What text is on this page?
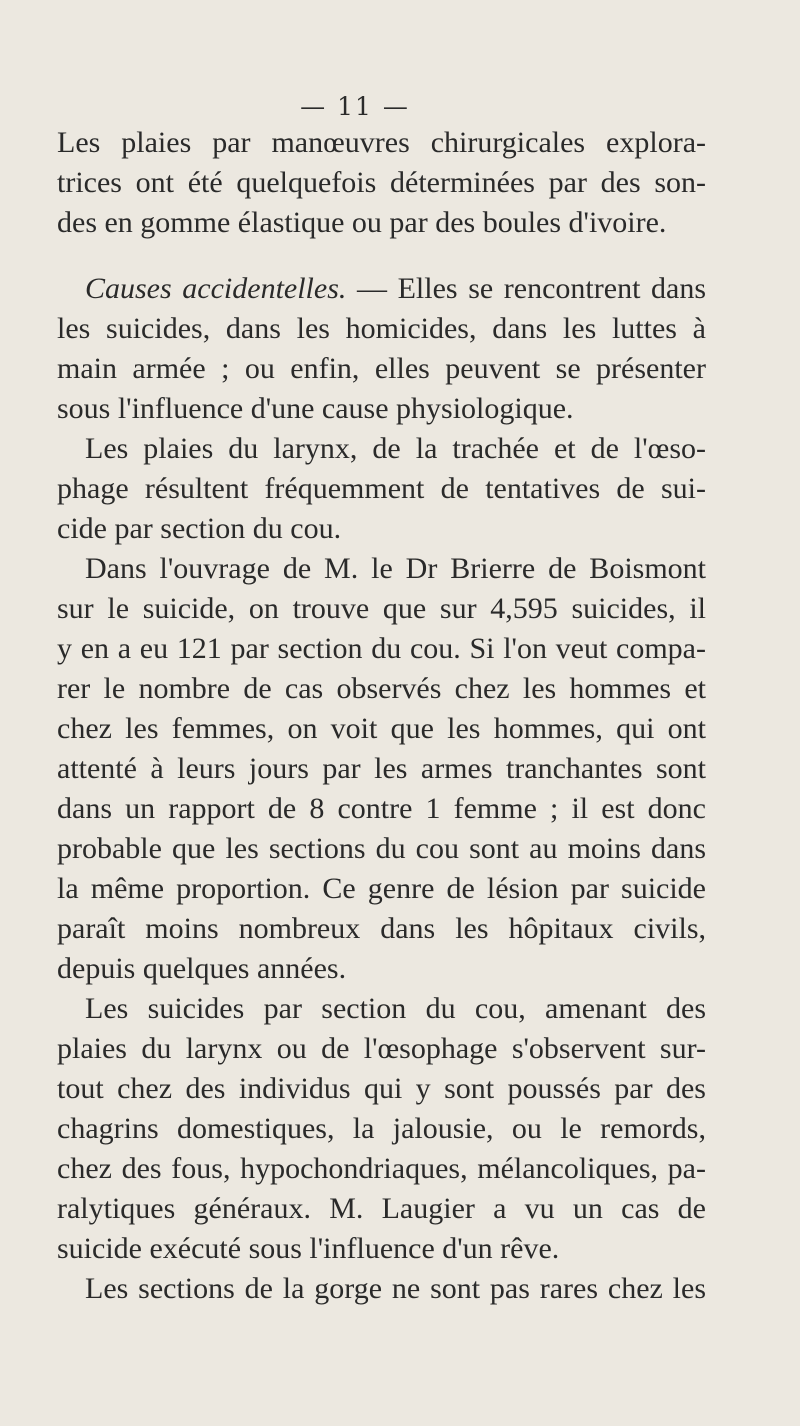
— 11 —
Les plaies par manœuvres chirurgicales explora-
trices ont été quelquefois déterminées par des son-
des en gomme élastique ou par des boules d'ivoire.
Causes accidentelles. — Elles se rencontrent dans
les suicides, dans les homicides, dans les luttes à
main armée ; ou enfin, elles peuvent se présenter
sous l'influence d'une cause physiologique.
Les plaies du larynx, de la trachée et de l'œso-
phage résultent fréquemment de tentatives de sui-
cide par section du cou.
Dans l'ouvrage de M. le Dr Brierre de Boismont
sur le suicide, on trouve que sur 4,595 suicides, il
y en a eu 121 par section du cou. Si l'on veut compa-
rer le nombre de cas observés chez les hommes et
chez les femmes, on voit que les hommes, qui ont
attenté à leurs jours par les armes tranchantes sont
dans un rapport de 8 contre 1 femme ; il est donc
probable que les sections du cou sont au moins dans
la même proportion. Ce genre de lésion par suicide
paraît moins nombreux dans les hôpitaux civils,
depuis quelques années.
Les suicides par section du cou, amenant des
plaies du larynx ou de l'œsophage s'observent sur-
tout chez des individus qui y sont poussés par des
chagrins domestiques, la jalousie, ou le remords,
chez des fous, hypochondriaques, mélancoliques, pa-
ralytiques généraux. M. Laugier a vu un cas de
suicide exécuté sous l'influence d'un rêve.
Les sections de la gorge ne sont pas rares chez les
